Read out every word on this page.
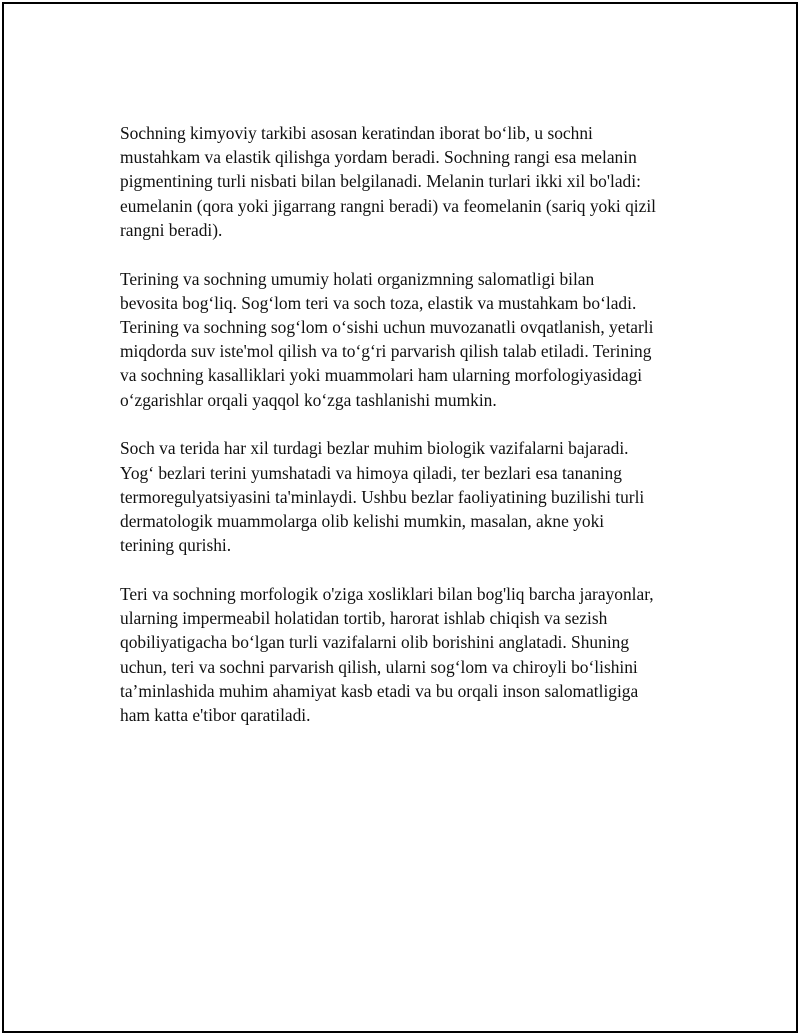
Sochning kimyoviy tarkibi asosan keratindan iborat bo‘lib, u sochni
mustahkam va elastik qilishga yordam beradi. Sochning rangi esa melanin
pigmentining turli nisbati bilan belgilanadi. Melanin turlari ikki xil bo'ladi:
eumelanin (qora yoki jigarrang rangni beradi) va feomelanin (sariq yoki qizil
rangni beradi).

Terining va sochning umumiy holati organizmning salomatligi bilan
bevosita bog‘liq. Sog‘lom teri va soch toza, elastik va mustahkam bo‘ladi.
Terining va sochning sog‘lom o‘sishi uchun muvozanatli ovqatlanish, yetarli
miqdorda suv iste'mol qilish va to‘g‘ri parvarish qilish talab etiladi. Terining
va sochning kasalliklari yoki muammolari ham ularning morfologiyasidagi
o‘zgarishlar orqali yaqqol ko‘zga tashlanishi mumkin.

Soch va terida har xil turdagi bezlar muhim biologik vazifalarni bajaradi.
Yog‘ bezlari terini yumshatadi va himoya qiladi, ter bezlari esa tananing
termoregulyatsiyasini ta'minlaydi. Ushbu bezlar faoliyatining buzilishi turli
dermatologik muammolarga olib kelishi mumkin, masalan, akne yoki
terining qurishi.

Teri va sochning morfologik o'ziga xosliklari bilan bog'liq barcha jarayonlar,
ularning impermeabil holatidan tortib, harorat ishlab chiqish va sezish
qobiliyatigacha bo‘lgan turli vazifalarni olib borishini anglatadi. Shuning
uchun, teri va sochni parvarish qilish, ularni sog‘lom va chiroyli bo‘lishini
ta’minlashida muhim ahamiyat kasb etadi va bu orqali inson salomatligiga
ham katta e'tibor qaratiladi.
